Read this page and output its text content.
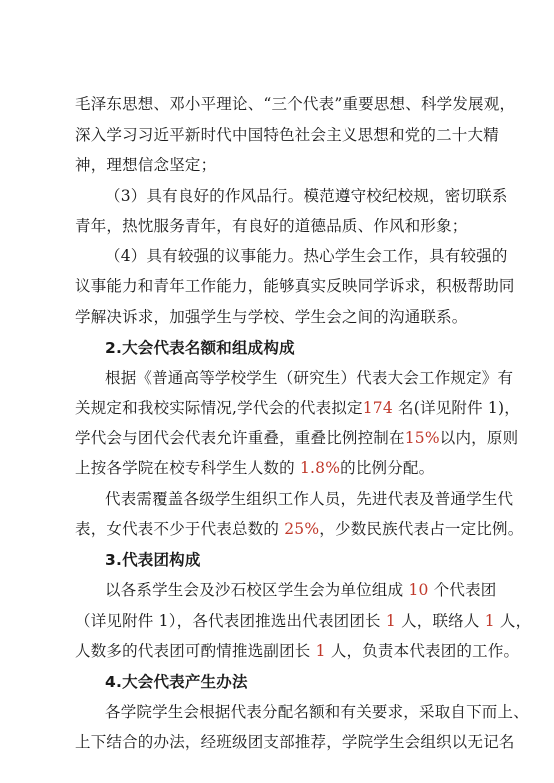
毛泽东思想、邓小平理论、“三个代表”重要思想、科学发展观，
深入学习习近平新时代中国特色社会主义思想和党的二十大精
神，理想信念坚定；
（3）具有良好的作风品行。模范遵守校纪校规，密切联系
青年，热忱服务青年，有良好的道德品质、作风和形象；
（4）具有较强的议事能力。热心学生会工作，具有较强的
议事能力和青年工作能力，能够真实反映同学诉求，积极帮助同
学解决诉求，加强学生与学校、学生会之间的沟通联系。
2.大会代表名额和组成构成
根据《普通高等学校学生（研究生）代表大会工作规定》有
关规定和我校实际情况,学代会的代表拟定174 名(详见附件 1)，
学代会与团代会代表允许重叠，重叠比例控制在15%以内，原则
上按各学院在校专科学生人数的 1.8%的比例分配。
代表需覆盖各级学生组织工作人员，先进代表及普通学生代
表，女代表不少于代表总数的 25%，少数民族代表占一定比例。
3.代表团构成
以各系学生会及沙石校区学生会为单位组成 10 个代表团
（详见附件 1），各代表团推选出代表团团长 1 人，联络人 1 人，
人数多的代表团可酌情推选副团长 1 人，负责本代表团的工作。
4.大会代表产生办法
各学院学生会根据代表分配名额和有关要求，采取自下而上、
上下结合的办法，经班级团支部推荐，学院学生会组织以无记名
